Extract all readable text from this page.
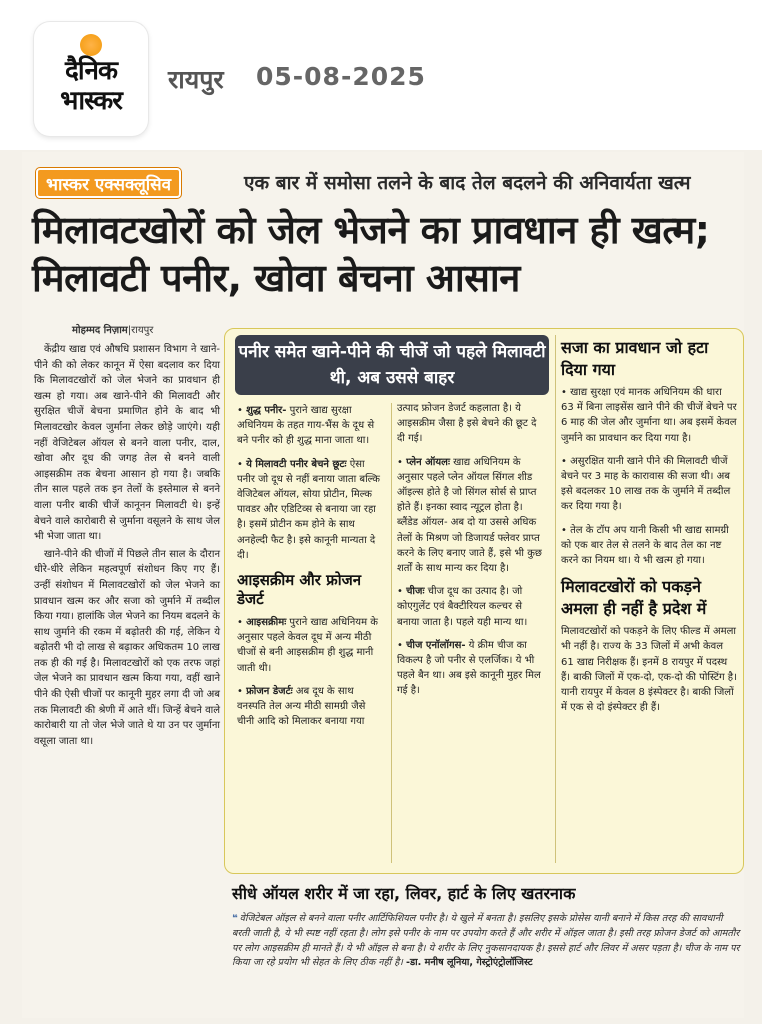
दैनिक
भास्कर
रायपुर 05-08-2025
भास्कर एक्सक्लूसिव	एक बार में समोसा तलने के बाद तेल बदलने की अनिवार्यता खत्म
मिलावटखोरों को जेल भेजने का प्रावधान ही खत्म; मिलावटी पनीर, खोवा बेचना आसान
मोहम्मद निज़ाम|रायपुर

केंद्रीय खाद्य एवं औषधि प्रशासन विभाग ने खाने-पीने की को लेकर कानून में ऐसा बदलाव कर दिया कि मिलावटखोरों को जेल भेजने का प्रावधान ही खत्म हो गया। अब खाने-पीने की मिलावटी और सुरक्षित चीजें बेचना प्रमाणित होने के बाद भी मिलावटखोर केवल जुर्माना लेकर छोड़े जाएंगे। यही नहीं वेजिटेबल ऑयल से बनने वाला पनीर, दाल, खोवा और दूध की जगह तेल से बनने वाली आइसक्रीम तक बेचना आसान हो गया है। जबकि तीन साल पहले तक इन तेलों के इस्तेमाल से बनने वाला पनीर बाकी चीजें कानूनन मिलावटी थे। इन्हें बेचने वाले कारोबारी से जुर्माना वसूलने के साथ जेल भी भेजा जाता था।

खाने-पीने की चीजों में पिछले तीन साल के दौरान धीरे-धीरे लेकिन महत्वपूर्ण संशोधन किए गए हैं। उन्हीं संशोधन में मिलावटखोरों को जेल भेजने का प्रावधान खत्म कर और सजा को जुर्माने में तब्दील किया गया। हालांकि जेल भेजने का नियम बदलने के साथ जुर्माने की रकम में बढ़ोतरी की गई, लेकिन ये बढ़ोतरी भी दो लाख से बढ़ाकर अधिकतम 10 लाख तक ही की गई है। मिलावटखोरों को एक तरफ जहां जेल भेजने का प्रावधान खत्म किया गया, वहीं खाने पीने की ऐसी चीजों पर कानूनी मुहर लगा दी जो अब तक मिलावटी की श्रेणी में आते थीं। जिन्हें बेचने वाले कारोबारी या तो जेल भेजे जाते थे या उन पर जुर्माना वसूला जाता था।

पनीर समेत खाने-पीने की चीजें जो पहले मिलावटी थी, अब उससे बाहर

• शुद्ध पनीर- पुराने खाद्य सुरक्षा अधिनियम के तहत गाय-भैंस के दूध से बने पनीर को ही शुद्ध माना जाता था।

• ये मिलावटी पनीर बेचने छूटः ऐसा पनीर जो दूध से नहीं बनाया जाता बल्कि वेजिटेबल ऑयल, सोया प्रोटीन, मिल्क पावडर और एडिटिव्स से बनाया जा रहा है। इसमें प्रोटीन कम होने के साथ अनहेल्दी फैट है। इसे कानूनी मान्यता दे दी।

आइसक्रीम और फ्रोजन डेजर्ट

• आइसक्रीमः पुराने खाद्य अधिनियम के अनुसार पहले केवल दूध में अन्य मीठी चीजों से बनी आइसक्रीम ही शुद्ध मानी जाती थी।

• फ्रोजन डेजर्टः अब दूध के साथ वनस्पति तेल अन्य मीठी सामग्री जैसे चीनी आदि को मिलाकर बनाया गया

उत्पाद फ्रोजन डेजर्ट कहलाता है। ये आइसक्रीम जैसा है इसे बेचने की छूट दे दी गई।

• प्लेन ऑयलः खाद्य अधिनियम के अनुसार पहले प्लेन ऑयल सिंगल शीड ऑइल्स होते है जो सिंगल सोर्स से प्राप्त होते हैं। इनका स्वाद न्यूट्रल होता है। ब्लैंडेड ऑयल- अब दो या उससे अधिक तेलों के मिश्रण जो डिजायर्ड फ्लेवर प्राप्त करने के लिए बनाए जाते हैं, इसे भी कुछ शर्तों के साथ मान्य कर दिया है।

• चीजः चीज दूध का उत्पाद है। जो कोएगुलेंट एवं बैक्टीरियल कल्चर से बनाया जाता है। पहले यही मान्य था।

• चीज एनॉलॉगस- ये क्रीम चीज का विकल्प है जो पनीर से एलर्जिक। ये भी पहले बैन था। अब इसे कानूनी मुहर मिल गई है।

सजा का प्रावधान जो हटा दिया गया

• खाद्य सुरक्षा एवं मानक अधिनियम की धारा 63 में बिना लाइसेंस खाने पीने की चीजें बेचने पर 6 माह की जेल और जुर्माना था। अब इसमें केवल जुर्माने का प्रावधान कर दिया गया है।

• असुरक्षित यानी खाने पीने की मिलावटी चीजें बेचने पर 3 माह के कारावास की सजा थी। अब इसे बदलकर 10 लाख तक के जुर्माने में तब्दील कर दिया गया है।

• तेल के टॉप अप यानी किसी भी खाद्य सामग्री को एक बार तेल से तलने के बाद तेल का नष्ट करने का नियम था। ये भी खत्म हो गया।

मिलावटखोरों को पकड़ने अमला ही नहीं है प्रदेश में

मिलावटखोरों को पकड़ने के लिए फील्ड में अमला भी नहीं है। राज्य के 33 जिलों में अभी केवल 61 खाद्य निरीक्षक हैं। इनमें 8 रायपुर में पदस्थ हैं। बाकी जिलों में एक-दो, एक-दो की पोस्टिंग है। यानी रायपुर में केवल 8 इंस्पेक्टर है। बाकी जिलों में एक से दो इंस्पेक्टर ही हैं।

सीधे ऑयल शरीर में जा रहा, लिवर, हार्ट के लिए खतरनाक
❝ वेजिटेबल ऑइल से बनने वाला पनीर आर्टिफिशियल पनीर है। ये खुले में बनता है। इसलिए इसके प्रोसेस यानी बनाने में किस तरह की सावधानी बरती जाती है, ये भी स्पष्ट नहीं रहता है। लोग इसे पनीर के नाम पर उपयोग करते हैं और शरीर में ऑइल जाता है। इसी तरह फ्रोजन डेजर्ट को आमतौर पर लोग आइसक्रीम ही मानते हैं। ये भी ऑइल से बना है। ये शरीर के लिए नुकसानदायक है। इससे हार्ट और लिवर में असर पड़ता है। चीज के नाम पर किया जा रहे प्रयोग भी सेहत के लिए ठीक नहीं है। -डा. मनीष लूनिया, गेस्ट्रोएंट्रोलॉजिस्ट
